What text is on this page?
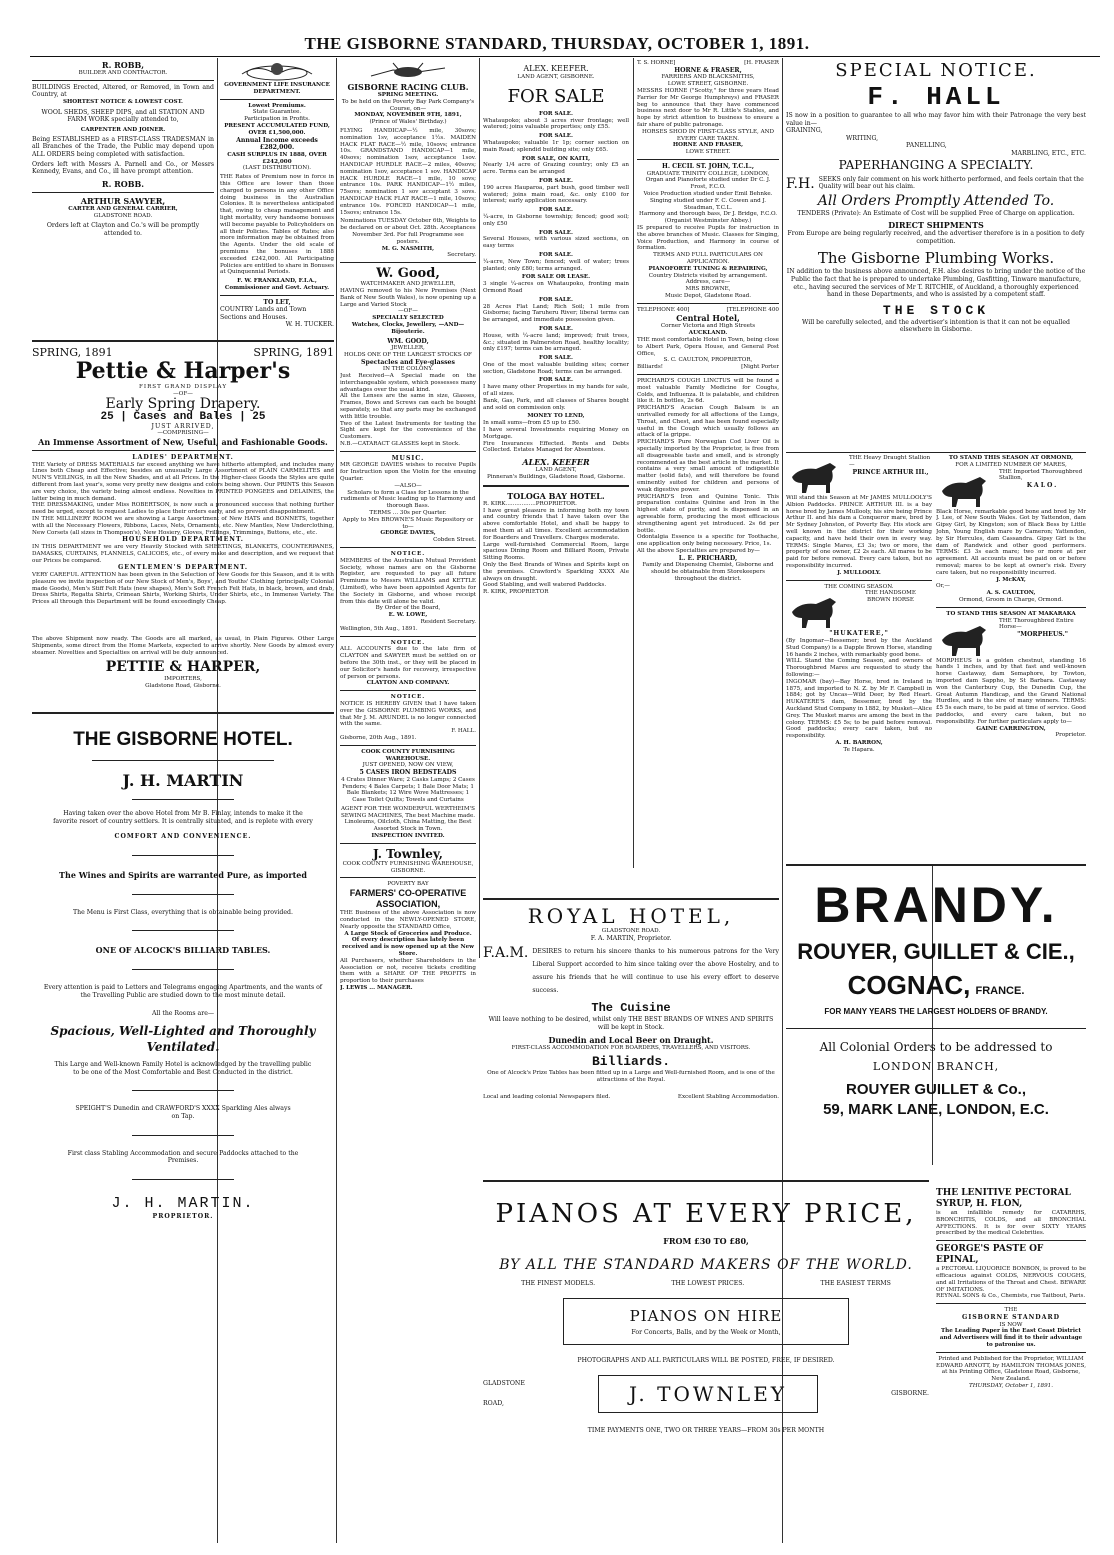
THE GISBORNE STANDARD, THURSDAY, OCTOBER 1, 1891.

R. ROBB,

BUILDER AND CONTRACTOR.

BUILDINGS Erected, Altered, or Removed, in Town and Country, at

SHORTEST NOTICE & LOWEST COST.

WOOL SHEDS, SHEEP DIPS, and all STATION AND FARM WORK specially attended to,

CARPENTER AND JOINER.

Being ESTABLISHED as a FIRST-CLASS TRADESMAN in all Branches of the Trade, the Public may depend upon ALL ORDERS being completed with satisfaction.

Orders left with Messrs A. Parnell and Co., or Messrs Kennedy, Evans, and Co., ill have prompt attention.

R. ROBB.

ARTHUR SAWYER,

CARTER AND GENERAL CARRIER,

GLADSTONE ROAD.

Orders left at Clayton and Co.'s will be promptly attended to.

GOVERNMENT LIFE INSURANCE DEPARTMENT.

Lowest Premiums.

State Guarantee.

Participation in Profits.

PRESENT ACCUMULATED FUND, OVER £1,500,000.

Annual Income exceeds £282,000.

CASH SURPLUS IN 1888, OVER £242,000

(LAST DISTRIBUTION).

THE Rates of Premium now in force in this Office are lower than those charged to persons in any other Office doing business in the Australian Colonies. It is nevertheless anticipated that, owing to cheap management and light mortality, very handsome bonuses will become payable to Policyholders on all their Policies. Tables of Rates; also more information may be obtained from the Agents. Under the old scale of premiums the bonuses in 1888 exceeded £242,000. All Participating Policies are entitled to share in Bonuses at Quinquennial Periods.

F. W. FRANKLAND, F.I.A., Commissioner and Govt. Actuary.

TO LET,

COUNTRY Lands and Town Sections and Houses.

W. H. TUCKER.

SPRING, 1891	SPRING, 1891

Pettie & Harper's

FIRST GRAND DISPLAY

—OF—

Early Spring Drapery.

25 | Cases and Bales | 25

JUST ARRIVED,

—COMPRISING—

An Immense Assortment of New, Useful, and Fashionable Goods.

LADIES' DEPARTMENT.

THE Variety of DRESS MATERIALS far exceed anything we have hitherto attempted, and includes many Lines both Cheap and Effective; besides an unusually Large Assortment of PLAIN CARMELITES and NUN'S VEILINGS, in all the New Shades, and at all Prices. In the Higher-class Goods the Styles are quite different from last year's, some very pretty new designs and colors being shown. Our PRINTS this Season are very choice, the variety being almost endless. Novelties in PRINTED PONGEES and DELAINES, the latter being in much demand.

THE DRESSMAKING, under Miss ROBERTSON, is now such a pronounced success that nothing further need be urged, except to request Ladies to place their orders early, and so prevent disappointment.

IN THE MILLINERY ROOM we are showing a Large Assortment of New HATS and BONNETS, together with all the Necessary Flowers, Ribbons, Laces, Nets, Ornaments, etc. New Mantles, New Underclothing, New Corsets (all sizes in Thompson's), New Hosiery, Gloves, Frillings, Trimmings, Buttons, etc., etc.

HOUSEHOLD DEPARTMENT.

IN THIS DEPARTMENT we are very Heavily Stocked with SHEETINGS, BLANKETS, COUNTERPANES, DAMASKS, CURTAINS, FLANNELS, CALICOES, etc., of every make and description, and we request that our Prices be compared.

GENTLEMEN'S DEPARTMENT.

VERY CAREFUL ATTENTION has been given in the Selection of New Goods for this Season, and it is with pleasure we invite inspection of our New Stock of Men's, Boys', and Youths' Clothing (principally Colonial made Goods), Men's Stiff Felt Hats (new shapes), Men's Soft French Felt Hats, in black, brown, and drab, Dress Shirts, Regatta Shirts, Crimean Shirts, Working Shirts, Under Shirts, etc., in Immense Variety. The Prices all through this Department will be found exceedingly Cheap.

The above Shipment now ready. The Goods are all marked, as usual, in Plain Figures. Other Large Shipments, some direct from the Home Markets, expected to arrive shortly. New Goods by almost every steamer. Novelties and Specialties on arrival will be duly announced.

PETTIE & HARPER,

IMPORTERS,

Gladstone Road, Gisborne.

THE GISBORNE HOTEL.

J. H. MARTIN

Having taken over the above Hotel from Mr B. Finlay, intends to make it the favorite resort of country settlers. It is centrally situated, and is replete with every

COMFORT AND CONVENIENCE.

The Wines and Spirits are warranted Pure, as imported

The Menu is First Class, everything that is obtainable being provided.

ONE OF ALCOCK'S BILLIARD TABLES.

Every attention is paid to Letters and Telegrams engaging Apartments, and the wants of the Travelling Public are studied down to the most minute detail.

All the Rooms are—

Spacious, Well-Lighted and Thoroughly Ventilated.

This Large and Well-known Family Hotel is acknowledged by the travelling public to be one of the Most Comfortable and Best Conducted in the district.

SPEIGHT'S Dunedin and CRAWFORD'S XXXX Sparkling Ales always on Tap.

First class Stabling Accommodation and secure Paddocks attached to the Premises.

J. H. MARTIN.

PROPRIETOR.

GISBORNE RACING CLUB.

SPRING MEETING.

To be held on the Poverty Bay Park Company's Course, on—

MONDAY, NOVEMBER 9TH, 1891,

(Prince of Wales' Birthday.)

FLYING HANDICAP—½ mile, 30sovs; nomination 1sv, acceptance 1½s. MAIDEN HACK FLAT RACE—½ mile, 10sovs; entrance 10s. GRANDSTAND HANDICAP—1 mile, 40sovs; nomination 1sov, acceptance 1sov. HANDICAP HURDLE RACE—2 miles, 40sovs; nomination 1sov, acceptance 1 sov. HANDICAP HACK HURDLE RACE—1 mile, 10 sovs; entrance 10s. PARK HANDICAP—1½ miles, 75sovs; nomination 1 sov acceptant 3 sovs. HANDICAP HACK FLAT RACE—1 mile, 10sovs; entrance 10s. FORCED HANDICAP—1 mile, 15sovs; entrance 15s.

Nominations TUESDAY October 6th, Weights to be declared on or about Oct. 28th. Acceptances November 3rd. For full Programme see posters.

M. G. NASMITH,

Secretary.

W. Good,

WATCHMAKER AND JEWELLER,

HAVING removed to his New Premises (Next Bank of New South Wales), is now opening up a Large and Varied Stock

—OF—

SPECIALLY SELECTED

Watches, Clocks, Jewellery, —AND— Bijouterie.

WM. GOOD,

JEWELLER,

HOLDS ONE OF THE LARGEST STOCKS OF

Spectacles and Eye-glasses

IN THE COLONY.

Just Received—A Special made on the interchangeable system, which possesses many advantages over the usual kind.

All the Lenses are the same in size, Glasses, Frames, Bows and Screws can each be bought separately, so that any parts may be exchanged with little trouble.

Two of the Latest Instruments for testing the Sight are kept for the convenience of the Customers.

N.B.—CATARACT GLASSES kept in Stock.

MUSIC.

MR GEORGE DAVIES wishes to receive Pupils for Instruction upon the Violin for the ensuing Quarter.

—ALSO—

Scholars to form a Class for Lessons in the rudiments of Music leading up to Harmony and thorough Bass.

TERMS ... 30s per Quarter.

Apply to Mrs BROWNE'S Music Repository or to—

GEORGE DAVIES,

Cobden Street.

NOTICE.

MEMBERS of the Australian Mutual Provident Society, whose names are on the Gisborne Register, are requested to pay all future Premiums to Messrs WILLIAMS and KETTLE (Limited), who have been appointed Agents for the Society in Gisborne, and whose receipt from this date will alone be valid.

By Order of the Board,

E. W. LOWE,

Resident Secretary.

Wellington, 5th Aug., 1891.

NOTICE.

ALL ACCOUNTS due to the late firm of CLAYTON and SAWYER must be settled on or before the 30th inst., or they will be placed in our Solicitor's hands for recovery, irrespective of person or persons.

CLAYTON AND COMPANY.

NOTICE.

NOTICE IS HEREBY GIVEN that I have taken over the GISBORNE PLUMBING WORKS, and that Mr J. M. ARUNDEL is no longer connected with the same.

F. HALL.

Gisborne, 20th Aug., 1891.

COOK COUNTY FURNISHING WAREHOUSE.

JUST OPENED, NOW ON VIEW,

5 CASES IRON BEDSTEADS

4 Crates Dinner Ware; 2 Casks Lamps; 2 Cases Fenders; 4 Bales Carpets; 1 Bale Door Mats; 1 Bale Blankets; 12 Wire Wove Mattresses; 1 Case Toilet Quilts; Towels and Curtains

AGENT FOR THE WONDERFUL WERTHEIM'S SEWING MACHINES, The best Machine made.

Linoleums, Oilcloth, China Matting, the Best Assorted Stock in Town.

INSPECTION INVITED.

J. Townley,

COOK COUNTY FURNISHING WAREHOUSE, GISBORNE.

POVERTY BAY

FARMERS' CO-OPERATIVE ASSOCIATION,

THE Business of the above Association is now conducted in the NEWLY-OPENED STORE, Nearly opposite the STANDARD Office,

A Large Stock of Groceries and Produce. Of every description has lately been received and is now opened up at the New Store.

All Purchasers, whether Shareholders in the Association or not, receive tickets crediting them with a SHARE OF THE PROFITS in proportion to their purchases

J. LEWIS ... MANAGER.

ALEX. KEEFER.

LAND AGENT, GISBORNE.

FOR SALE

FOR SALE.

Whataupoko; about 3 acres river frontage; well watered; joins valuable properties; only £55.

FOR SALE.

Whataupoko; valuable 1r 1p; corner section on main Road; splendid building site; only £65.

FOR SALE, ON KAITI,

Nearly 1/4 acre of Grazing country; only £5 an acre. Terms can be arranged

FOR SALE.

190 acres Hauparoa, part bush, good timber well watered; joins main road, &c. only £100 for interest; early application necessary.

FOR SALE.

¼-acre, in Gisborne township; fenced; good soil; only £50

FOR SALE.

Several Houses, with various sized sections, on easy terms

FOR SALE.

¼-acre, New Town; fenced; well of water; trees planted; only £80; terms arranged.

FOR SALE OR LEASE.

3 single ¼-acres on Whataupoko, fronting main Ormond Road

FOR SALE.

28 Acres Flat Land; Rich Soil; 1 mile from Gisborne; facing Taruheru River; liberal terms can be arranged, and immediate possession given.

FOR SALE.

House, with ¼-acre land; improved; fruit trees, &c.; situated in Palmerston Road, healthy locality; only £197; terms can be arranged.

FOR SALE.

One of the most valuable building sites; corner section, Gladstone Road; terms can be arranged.

FOR SALE.

I have many other Properties in my hands for sale, of all sizes.

Bank, Gas, Park, and all classes of Shares bought and sold on commission only.

MONEY TO LEND,

In small sums—from £5 up to £50.

I have several Investments requiring Money on Mortgage.

Fire Insurances Effected. Rents and Debts Collected. Estates Managed for Absentees.

ALEX. KEEFER

LAND AGENT,

Pinneran's Buildings, Gladstone Road, Gisborne.

TOLOGA BAY HOTEL.

R. KIRK.................PROPRIETOR.

I have great pleasure in informing both my town and country friends that I have taken over the above comfortable Hotel, and shall be happy to meet them at all times. Excellent accommodation for Boarders and Travellers. Charges moderate.

Large well-furnished Commercial Room, large spacious Dining Room and Billiard Room, Private Sitting Rooms.

Only the Best Brands of Wines and Spirits kept on the premises. Crawford's Sparkling XXXX Ale always on draught.

Good Stabling, and well watered Paddocks.

R. KIRK, PROPRIETOR

T. S. HORNE]	[H. FRASER

HORNE & FRASER,

FARRIERS AND BLACKSMITHS,

LOWE STREET, GISBORNE.

MESSRS HORNE ("Scotty," for three years Head Farrier for Mr George Humphreys) and FRASER beg to announce that they have commenced business next door to Mr R. Little's Stables, and hope by strict attention to business to ensure a fair share of public patronage.

HORSES SHOD IN FIRST-CLASS STYLE, AND EVERY CARE TAKEN.

HORNE AND FRASER,

LOWE STREET.

H. CECIL ST. JOHN, T.C.L.,

GRADUATE TRINITY COLLEGE, LONDON,

Organ and Pianoforte studied under Dr C. J. Frost, F.C.O.

Voice Production studied under Emil Behnke.

Singing studied under F. C. Cowen and J. Steadman, T.C.L.

Harmony and thorough bass, Dr J. Bridge, F.C.O. (Organist Westminster Abbey.)

IS prepared to receive Pupils for instruction in the above branches of Music. Classes for Singing, Voice Production, and Harmony in course of formation.

TERMS AND FULL PARTICULARS ON APPLICATION.

PIANOFORTE TUNING & REPAIRING,

Country Districts visited by arrangement.

Address, care—

MRS BROWNE,

Music Depot, Gladstone Road.

TELEPHONE 400]	[TELEPHONE 400

Central Hotel,

Corner Victoria and High Streets

AUCKLAND.

THE most comfortable Hotel in Town, being close to Albert Park, Opera House, and General Post Office,

S. C. CAULTON, PROPRIETOR,

Billiards!	[Night Porter

PRICHARD'S COUGH LINCTUS will be found a most valuable Family Medicine for Coughs, Colds, and Influenza. It is palatable, and children like it. In bottles, 2s 6d.

PRICHARD'S Acacian Cough Balsam is an unrivalled remedy for all affections of the Lungs, Throat, and Chest, and has been found especially useful in the Cough which usually follows an attack of la grippe.

PRICHARD'S Pure Norwegian Cod Liver Oil is specially imported by the Proprietor, is free from all disagreeable taste and smell, and is strongly recommended as the best article in the market. It contains a very small amount of indigestible matter (solid fats), and will therefore be found eminently suited for children and persons of weak digestive power.

PRICHARD'S Iron and Quinine Tonic. This preparation contains Quinine and Iron in the highest state of purity, and is dispensed in an agreeable form, producing the most efficacious strengthening agent yet introduced. 2s 6d per bottle.

Odontalgia Essence is a specific for Toothache, one application only being necessary. Price, 1s.

All the above Specialties are prepared by—

L. E. PRICHARD,

Family and Dispensing Chemist, Gisborne and should be obtainable from Storekeepers throughout the district.

ROYAL HOTEL,

GLADSTONE ROAD.

F. A. MARTIN, Proprietor.

F.A.M. DESIRES to return his sincere thanks to his numerous patrons for the Very Liberal Support accorded to him since taking over the above Hostelry, and to assure his friends that he will continue to use his every effort to deserve success.

The Cuisine

Will leave nothing to be desired, whilst only THE BEST BRANDS OF WINES AND SPIRITS will be kept in Stock.

Dunedin and Local Beer on Draught.

FIRST-CLASS ACCOMMODATION FOR BOARDERS, TRAVELLERS, AND VISITORS.

Billiards.

One of Alcock's Prize Tables has been fitted up in a Large and Well-furnished Room, and is one of the attractions of the Royal.

Local and leading colonial Newspapers filed.	Excellent Stabling Accommodation.

PIANOS AT EVERY PRICE,

FROM £30 TO £80,

BY ALL THE STANDARD MAKERS OF THE WORLD.

THE FINEST MODELS.	THE LOWEST PRICES.	THE EASIEST TERMS

PIANOS ON HIRE

For Concerts, Balls, and by the Week or Month,

PHOTOGRAPHS AND ALL PARTICULARS WILL BE POSTED, FREE, IF DESIRED.

GLADSTONE

ROAD,	J. TOWNLEY	GISBORNE.

TIME PAYMENTS ONE, TWO OR THREE YEARS—FROM 30s PER MONTH

SPECIAL NOTICE.

F. HALL

IS now in a position to guarantee to all who may favor him with their Patronage the very best value in—

GRAINING,

WRITING,

PANELLING,

MARBLING, ETC., ETC.

PAPERHANGING A SPECIALTY.

F.H. SEEKS only fair comment on his work hitherto performed, and feels certain that the Quality will bear out his claim.

All Orders Promptly Attended To.

TENDERS (Private): An Estimate of Cost will be supplied Free of Charge on application.

DIRECT SHIPMENTS

From Europe are being regularly received, and the advertiser therefore is in a position to defy competition.

The Gisborne Plumbing Works.

IN addition to the business above announced, F.H. also desires to bring under the notice of the Public the fact that he is prepared to undertake Plumbing, Gasfitting, Tinware manufacture, etc., having secured the services of Mr T. RITCHIE, of Auckland, a thoroughly experienced hand in these Departments, and who is assisted by a competent staff.

THE STOCK

Will be carefully selected, and the advertiser's intention is that it can not be equalled elsewhere in Gisborne.

THE Heavy Draught Stallion—

PRINCE ARTHUR III.,

Will stand this Season at Mr JAMES MULLOOLY'S Albion Paddocks. PRINCE ARTHUR III. is a bay horse bred by James Mullooly, his sire being Prince Arthur II. and his dam a Conqueror mare, bred by Mr Sydney Johnston, of Poverty Bay. His stock are well known in the district for their working capacity, and have held their own in every way. TERMS: Single Mares, £3 3s; two or more, the property of one owner, £2 2s each. All mares to be paid for before removal. Every care taken, but no responsibility incurred.

J. MULLOOLY.

THE COMING SEASON.

THE HANDSOME

BROWN HORSE

"HUKATERE,"

(By Ingomar—Bessemer; bred by the Auckland Stud Company) is a Dapple Brown Horse, standing 16 hands 2 inches, with remarkably good bone.

WILL Stand the Coming Season, and owners of Thoroughbred Mares are requested to study the following:—

INGOMAR (bay)—Bay Horse, bred in Ireland in 1875, and imported to N. Z. by Mr F. Campbell in 1884; got by Uncas—Wild Deer, by Red Heart. HUKATERE'S dam, Bessemer, bred by the Auckland Stud Company in 1882, by Musket—Alice Grey. The Musket mares are among the best in the colony. TERMS: £5 5s; to be paid before removal. Good paddocks; every care taken, but no responsibility.

A. H. BARRON,

Te Hapara.

TO STAND THIS SEASON AT ORMOND,

FOR A LIMITED NUMBER OF MARES,

THE Imported Thoroughbred Stallion,

KALO.

Black Horse, remarkable good bone and bred by Mr J. Lee, of New South Wales. Got by Yattendon, dam Gipsy Girl, by Kingston; son of Black Bess by Little John, Young English mare by Cameron; Yattendon, by Sir Hercules, dam Cassandra. Gipsy Girl is the dam of Randwick and other good performers. TERMS: £3 3s each mare; two or more at per agreement. All accounts must be paid on or before removal; mares to be kept at owner's risk. Every care taken, but no responsibility incurred.

J. McKAY,

Or,—

A. S. CAULTON,

Ormond, Groom in Charge, Ormond.

TO STAND THIS SEASON AT MAKARAKA

THE Thoroughbred Entire Horse—

"MORPHEUS."

MORPHEUS is a golden chestnut, standing 16 hands 1 inches, and by that fast and well-known horse Castaway, dam Semaphore, by Towton, imported dam Sappho, by St Barbara. Castaway won the Canterbury Cup, the Dunedin Cup, the Great Autumn Handicap, and the Grand National Hurdles, and is the sire of many winners. TERMS: £5 5s each mare, to be paid at time of service. Good paddocks, and every care taken, but no responsibility. For further particulars apply to—

GAINE CARRINGTON,

Proprietor.

BRANDY.

ROUYER, GUILLET & CIE.,

COGNAC, FRANCE.

FOR MANY YEARS THE LARGEST HOLDERS OF BRANDY.

All Colonial Orders to be addressed to

LONDON BRANCH,

ROUYER GUILLET & Co.,

59, MARK LANE, LONDON, E.C.

THE LENITIVE PECTORAL SYRUP, H. FLON,

is an infallible remedy for CATARRHS, BRONCHITIS, COLDS, and all BRONCHIAL AFFECTIONS. It is for over SIXTY YEARS prescribed by the medical Celebrities.

GEORGE'S PASTE OF EPINAL,

a PECTORAL LIQUORICE BONBON, is proved to be efficacious against COLDS, NERVOUS COUGHS, and all Irritations of the Throat and Chest. BEWARE OF IMITATIONS.

REYNAL SONS & Co., Chemists, rue Taitbout, Paris.

THE

GISBORNE STANDARD

IS NOW

The Leading Paper in the East Coast District and Advertisers will find it to their advantage to patronise us.

Printed and Published for the Proprietor, WILLIAM EDWARD ARNOTT, by HAMILTON THOMAS JONES, at his Printing Office, Gladstone Road, Gisborne, New Zealand.

THURSDAY, October 1, 1891.
